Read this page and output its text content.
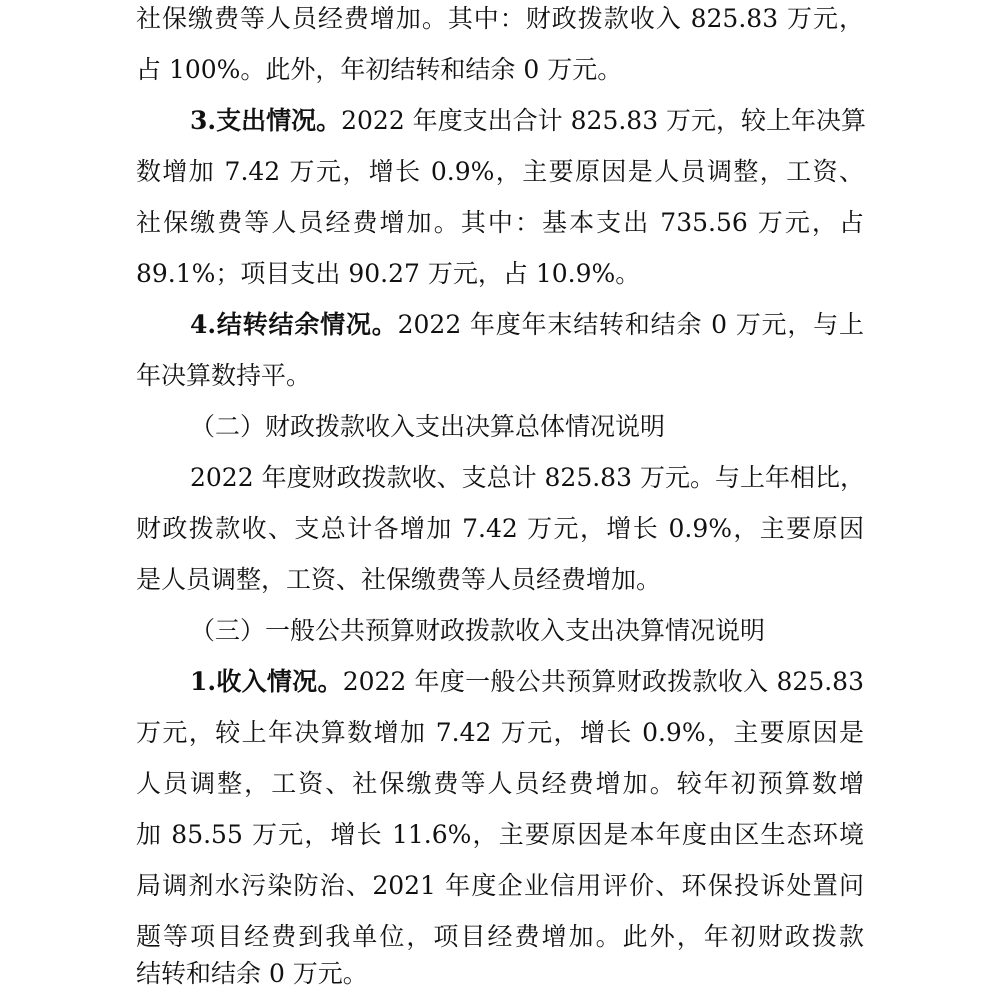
社保缴费等人员经费增加。其中：财政拨款收入 825.83 万元，
占 100%。此外，年初结转和结余 0 万元。
3.支出情况。2022 年度支出合计 825.83 万元，较上年决算
数增加 7.42 万元，增长 0.9%，主要原因是人员调整，工资、
社保缴费等人员经费增加。其中：基本支出 735.56 万元，占
89.1%；项目支出 90.27 万元，占 10.9%。
4.结转结余情况。2022 年度年末结转和结余 0 万元，与上
年决算数持平。
（二）财政拨款收入支出决算总体情况说明
2022 年度财政拨款收、支总计 825.83 万元。与上年相比，
财政拨款收、支总计各增加 7.42 万元，增长 0.9%，主要原因
是人员调整，工资、社保缴费等人员经费增加。
（三）一般公共预算财政拨款收入支出决算情况说明
1.收入情况。2022 年度一般公共预算财政拨款收入 825.83
万元，较上年决算数增加 7.42 万元，增长 0.9%，主要原因是
人员调整，工资、社保缴费等人员经费增加。较年初预算数增
加 85.55 万元，增长 11.6%，主要原因是本年度由区生态环境
局调剂水污染防治、2021 年度企业信用评价、环保投诉处置问
题等项目经费到我单位，项目经费增加。此外，年初财政拨款
结转和结余 0 万元。
